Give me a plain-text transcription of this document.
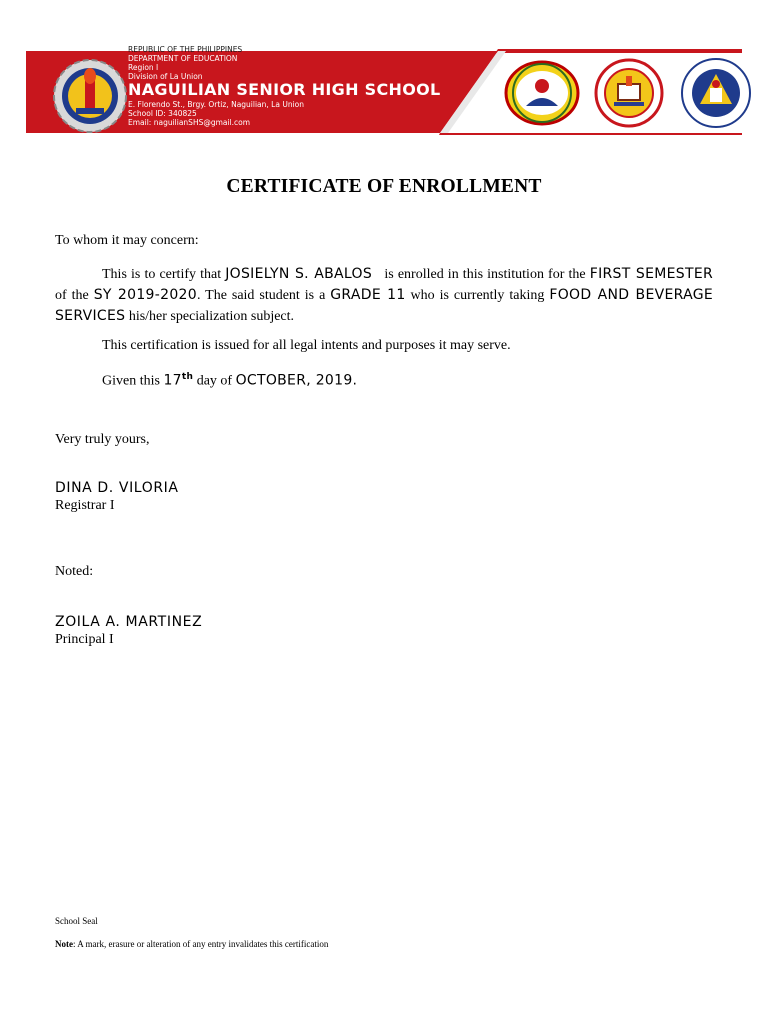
REPUBLIC OF THE PHILIPPINES
DEPARTMENT OF EDUCATION
Region I
Division of La Union
NAGUILIAN SENIOR HIGH SCHOOL
E. Florendo St., Brgy. Ortiz, Naguilian, La Union
School ID: 340825
Email: naguilianSHS@gmail.com
CERTIFICATE OF ENROLLMENT
To whom it may concern:
This is to certify that JOSIELYN S. ABALOS   is enrolled in this institution for the FIRST SEMESTER of the SY 2019-2020. The said student is a GRADE 11 who is currently taking FOOD AND BEVERAGE SERVICES his/her specialization subject.
This certification is issued for all legal intents and purposes it may serve.
Given this 17th day of OCTOBER, 2019.
Very truly yours,
DINA D. VILORIA
Registrar I
Noted:
ZOILA A. MARTINEZ
Principal I
School Seal
Note: A mark, erasure or alteration of any entry invalidates this certification
